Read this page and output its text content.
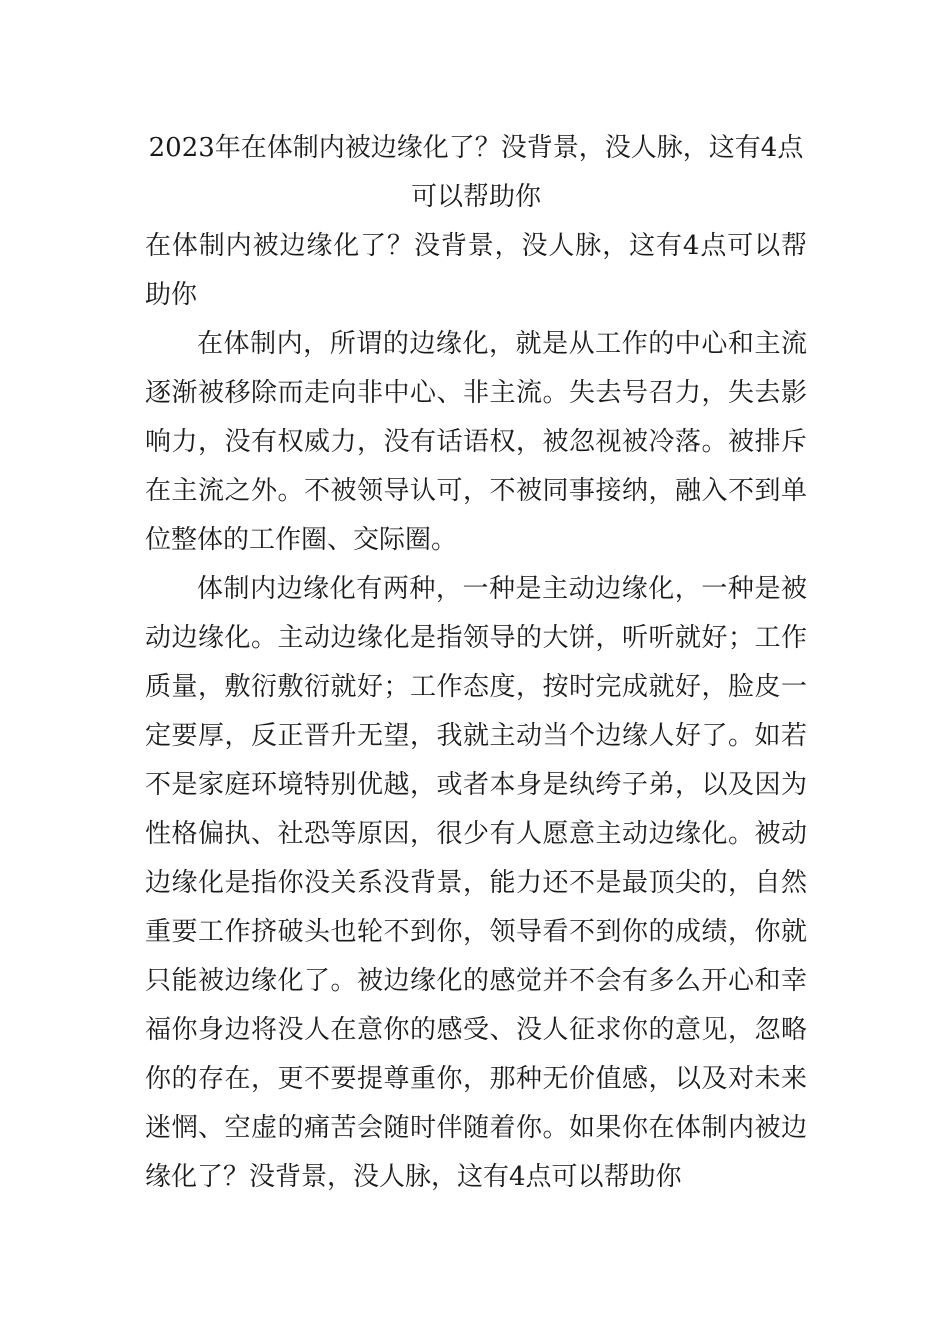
2023年在体制内被边缘化了？没背景，没人脉，这有4点可以帮助你

在体制内被边缘化了？没背景，没人脉，这有4点可以帮助你

在体制内，所谓的边缘化，就是从工作的中心和主流逐渐被移除而走向非中心、非主流。失去号召力，失去影响力，没有权威力，没有话语权，被忽视被冷落。被排斥在主流之外。不被领导认可，不被同事接纳，融入不到单位整体的工作圈、交际圈。

体制内边缘化有两种，一种是主动边缘化，一种是被动边缘化。主动边缘化是指领导的大饼，听听就好；工作质量，敷衍敷衍就好；工作态度，按时完成就好，脸皮一定要厚，反正晋升无望，我就主动当个边缘人好了。如若不是家庭环境特别优越，或者本身是纨绔子弟，以及因为性格偏执、社恐等原因，很少有人愿意主动边缘化。被动边缘化是指你没关系没背景，能力还不是最顶尖的，自然重要工作挤破头也轮不到你，领导看不到你的成绩，你就只能被边缘化了。被边缘化的感觉并不会有多么开心和幸福你身边将没人在意你的感受、没人征求你的意见，忽略你的存在，更不要提尊重你，那种无价值感，以及对未来迷惘、空虚的痛苦会随时伴随着你。如果你在体制内被边缘化了？没背景，没人脉，这有4点可以帮助你
